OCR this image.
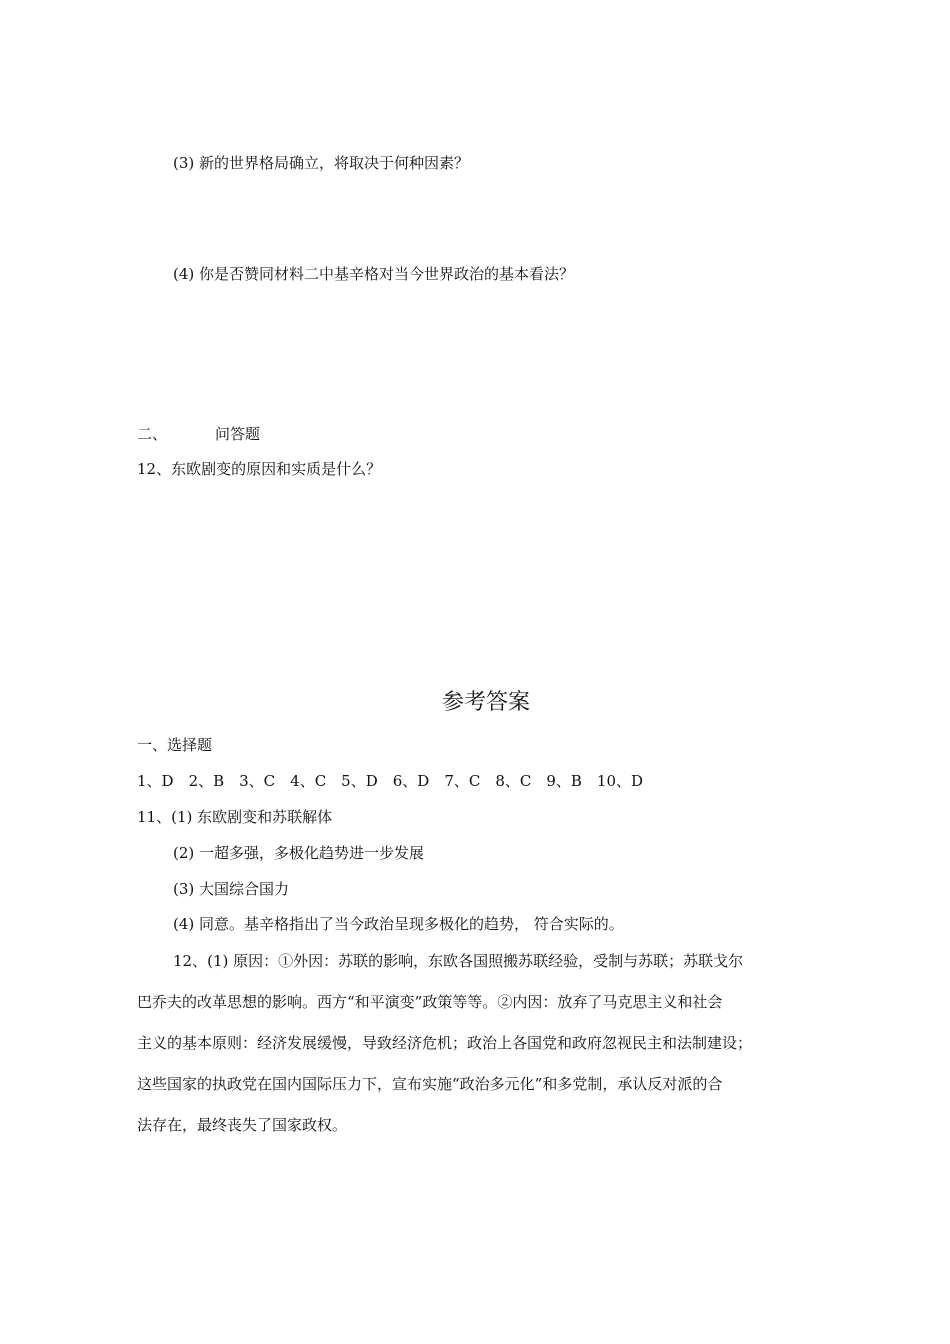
(3) 新的世界格局确立，将取决于何种因素？

(4) 你是否赞同材料二中基辛格对当今世界政治的基本看法？

二、	问答题

12、东欧剧变的原因和实质是什么？

参考答案

一、选择题

1、D　2、B　3、C　4、C　5、D　6、D　7、C　8、C　9、B　10、D

11、(1) 东欧剧变和苏联解体

(2) 一超多强，多极化趋势进一步发展

(3) 大国综合国力

(4) 同意。基辛格指出了当今政治呈现多极化的趋势， 符合实际的。

12、(1) 原因：①外因：苏联的影响，东欧各国照搬苏联经验，受制与苏联；苏联戈尔

巴乔夫的改革思想的影响。西方“和平演变”政策等等。②内因：放弃了马克思主义和社会

主义的基本原则：经济发展缓慢，导致经济危机；政治上各国党和政府忽视民主和法制建设；

这些国家的执政党在国内国际压力下，宣布实施“政治多元化”和多党制，承认反对派的合

法存在，最终丧失了国家政权。
